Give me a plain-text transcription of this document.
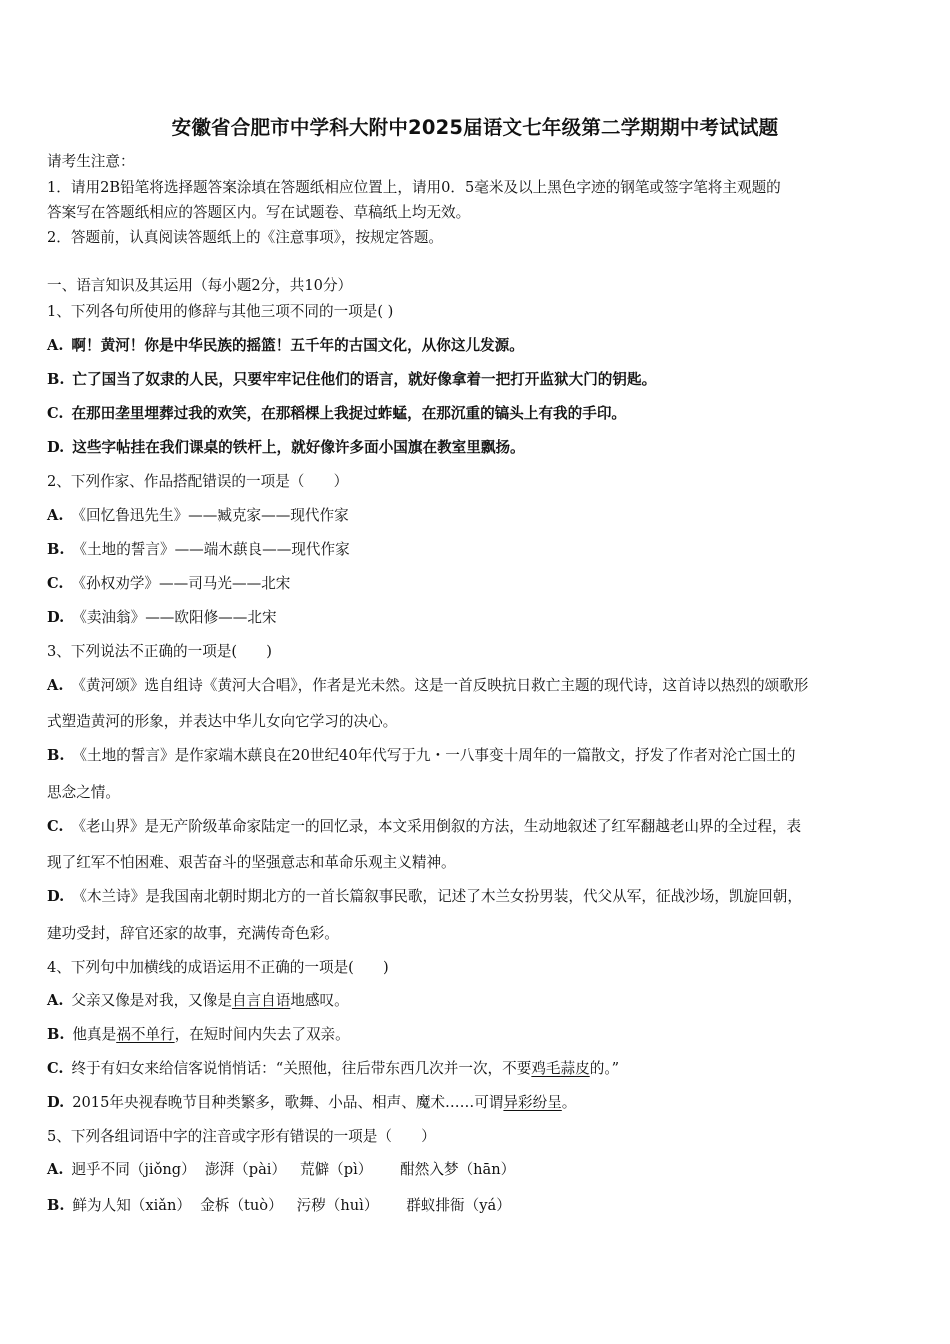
安徽省合肥市中学科大附中2025届语文七年级第二学期期中考试试题
请考生注意：
1．请用2B铅笔将选择题答案涂填在答题纸相应位置上，请用0．5毫米及以上黑色字迹的钢笔或签字笔将主观题的
答案写在答题纸相应的答题区内。写在试题卷、草稿纸上均无效。
2．答题前，认真阅读答题纸上的《注意事项》，按规定答题。
一、语言知识及其运用（每小题2分，共10分）
1、下列各句所使用的修辞与其他三项不同的一项是( )
A. 啊！黄河！你是中华民族的摇篮！五千年的古国文化，从你这儿发源。
B. 亡了国当了奴隶的人民，只要牢牢记住他们的语言，就好像拿着一把打开监狱大门的钥匙。
C. 在那田垄里埋葬过我的欢笑，在那稻棵上我捉过蚱蜢，在那沉重的镐头上有我的手印。
D. 这些字帖挂在我们课桌的铁杆上，就好像许多面小国旗在教室里飘扬。
2、下列作家、作品搭配错误的一项是（　　）
A. 《回忆鲁迅先生》——臧克家——现代作家
B. 《土地的誓言》——端木蕻良——现代作家
C. 《孙权劝学》——司马光——北宋
D. 《卖油翁》——欧阳修——北宋
3、下列说法不正确的一项是(　　)
A. 《黄河颂》选自组诗《黄河大合唱》，作者是光未然。这是一首反映抗日救亡主题的现代诗，这首诗以热烈的颂歌形
式塑造黄河的形象，并表达中华儿女向它学习的决心。
B. 《土地的誓言》是作家端木蕻良在20世纪40年代写于九・一八事变十周年的一篇散文，抒发了作者对沦亡国土的
思念之情。
C. 《老山界》是无产阶级革命家陆定一的回忆录，本文采用倒叙的方法，生动地叙述了红军翻越老山界的全过程，表
现了红军不怕困难、艰苦奋斗的坚强意志和革命乐观主义精神。
D. 《木兰诗》是我国南北朝时期北方的一首长篇叙事民歌，记述了木兰女扮男装，代父从军，征战沙场，凯旋回朝，
建功受封，辞官还家的故事，充满传奇色彩。
4、下列句中加横线的成语运用不正确的一项是(　　)
A. 父亲又像是对我，又像是自言自语地感叹。
B. 他真是祸不单行，在短时间内失去了双亲。
C. 终于有妇女来给信客说悄悄话：“关照他，往后带东西几次并一次，不要鸡毛蒜皮的。”
D. 2015年央视春晚节目种类繁多，歌舞、小品、相声、魔术……可谓异彩纷呈。
5、下列各组词语中字的注音或字形有错误的一项是（　　）
A. 迥乎不同（jiǒng）  澎湃（pài）   荒僻（pì）      酣然入梦（hān）
B. 鲜为人知（xiǎn）  金柝（tuò）   污秽（huì）      群蚁排衙（yá）
